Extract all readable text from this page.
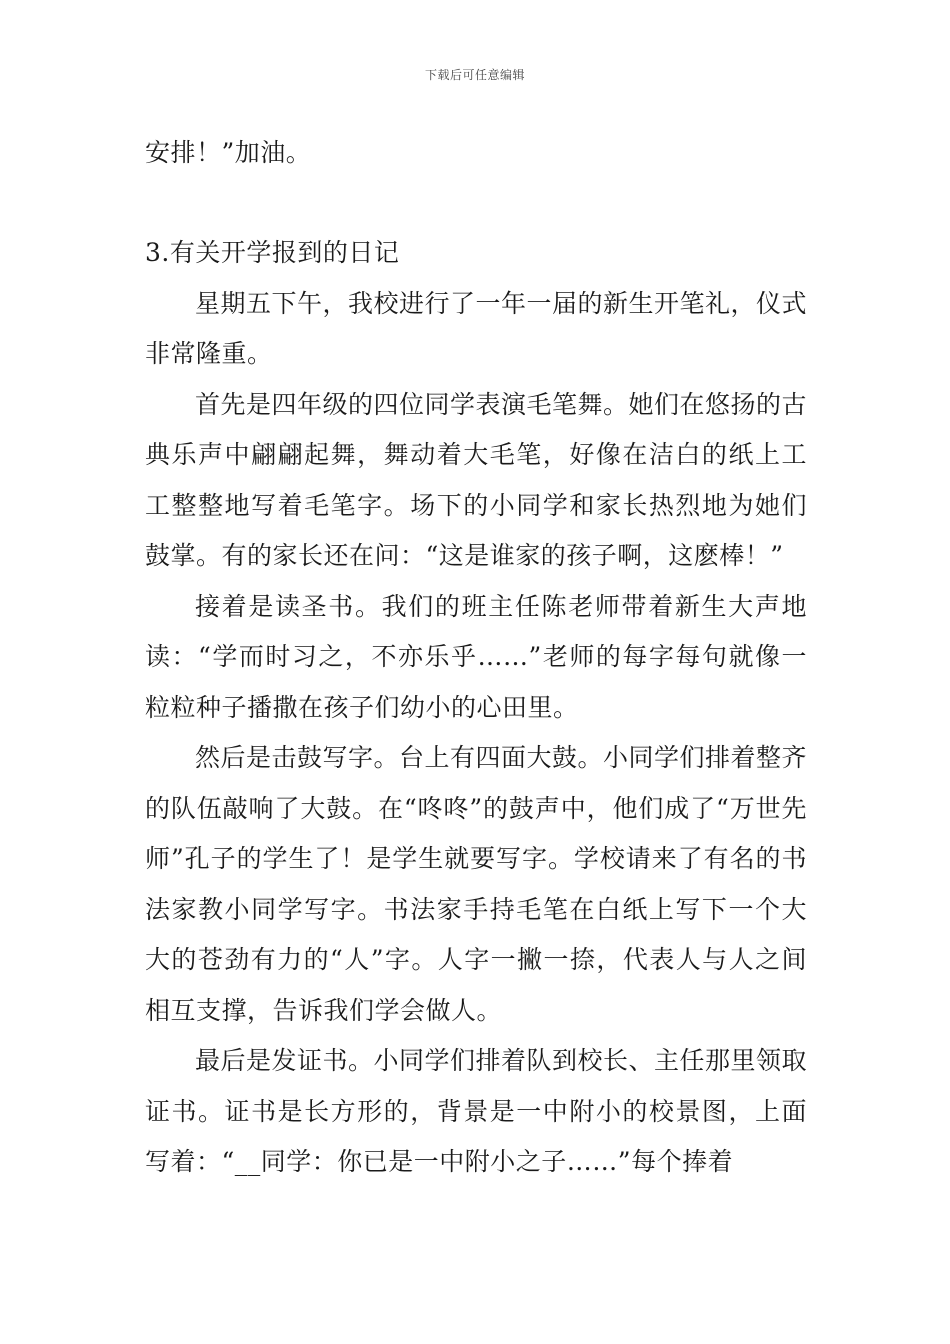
下载后可任意编辑
安排！”加油。
3.有关开学报到的日记

星期五下午，我校进行了一年一届的新生开笔礼，仪式非常隆重。

首先是四年级的四位同学表演毛笔舞。她们在悠扬的古典乐声中翩翩起舞，舞动着大毛笔，好像在洁白的纸上工工整整地写着毛笔字。场下的小同学和家长热烈地为她们鼓掌。有的家长还在问：“这是谁家的孩子啊，这麽棒！”

接着是读圣书。我们的班主任陈老师带着新生大声地读：“学而时习之，不亦乐乎……”老师的每字每句就像一粒粒种子播撒在孩子们幼小的心田里。

然后是击鼓写字。台上有四面大鼓。小同学们排着整齐的队伍敲响了大鼓。在“咚咚”的鼓声中，他们成了“万世先师”孔子的学生了！是学生就要写字。学校请来了有名的书法家教小同学写字。书法家手持毛笔在白纸上写下一个大大的苍劲有力的“人”字。人字一撇一捺，代表人与人之间相互支撑，告诉我们学会做人。

最后是发证书。小同学们排着队到校长、主任那里领取证书。证书是长方形的，背景是一中附小的校景图，上面写着：“__同学：你已是一中附小之子……”每个捧着
